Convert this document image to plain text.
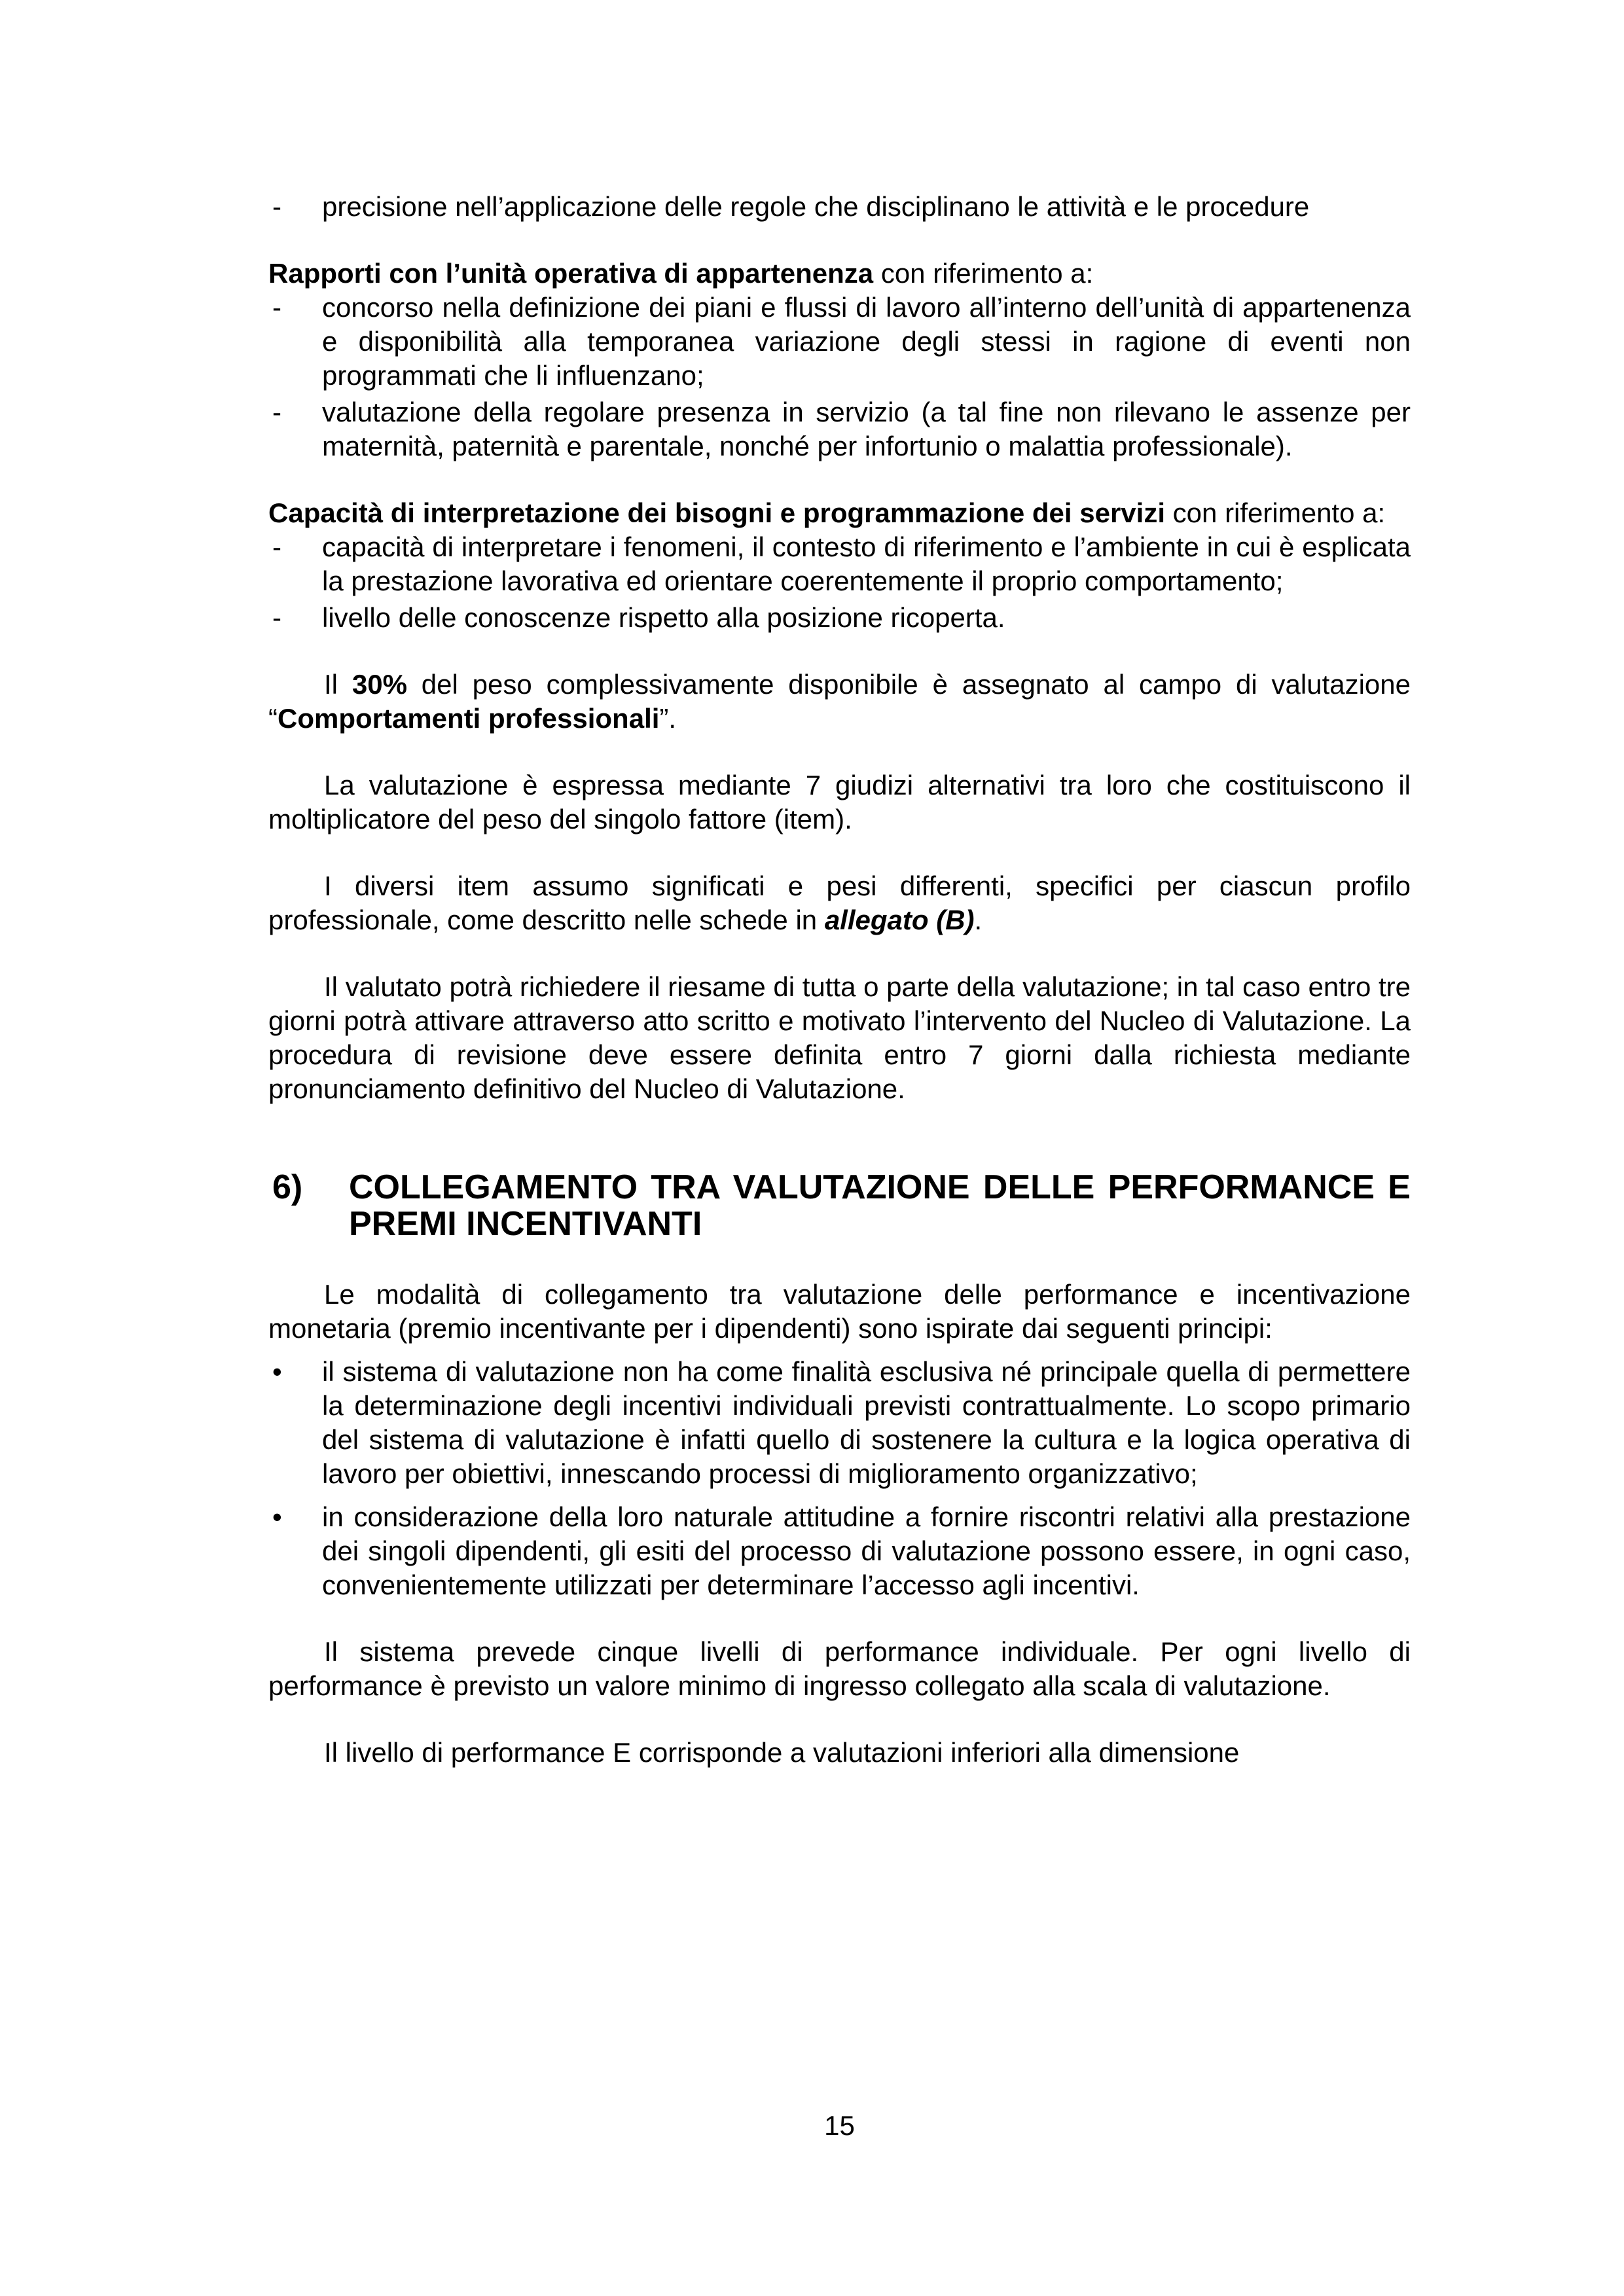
- precisione nell’applicazione delle regole che disciplinano le attività e le procedure

Rapporti con l’unità operativa di appartenenza con riferimento a:

- concorso nella definizione dei piani e flussi di lavoro all’interno dell’unità di appartenenza e disponibilità alla temporanea variazione degli stessi in ragione di eventi non programmati che li influenzano;
- valutazione della regolare presenza in servizio (a tal fine non rilevano le assenze per maternità, paternità e parentale, nonché per infortunio o malattia professionale).

Capacità di interpretazione dei bisogni e programmazione dei servizi con riferimento a:

- capacità di interpretare i fenomeni, il contesto di riferimento e l’ambiente in cui è esplicata la prestazione lavorativa ed orientare coerentemente il proprio comportamento;
- livello delle conoscenze rispetto alla posizione ricoperta.

Il 30% del peso complessivamente disponibile è assegnato al campo di valutazione “Comportamenti professionali”.

La valutazione è espressa mediante 7 giudizi alternativi tra loro che costituiscono il moltiplicatore del peso del singolo fattore (item).

I diversi item assumo significati e pesi differenti, specifici per ciascun profilo professionale, come descritto nelle schede in allegato (B).

Il valutato potrà richiedere il riesame di tutta o parte della valutazione; in tal caso entro tre giorni potrà attivare attraverso atto scritto e motivato l’intervento del Nucleo di Valutazione. La procedura di revisione deve essere definita entro 7 giorni dalla richiesta mediante pronunciamento definitivo del Nucleo di Valutazione.

6) COLLEGAMENTO TRA VALUTAZIONE DELLE PERFORMANCE E PREMI INCENTIVANTI

Le modalità di collegamento tra valutazione delle performance e incentivazione monetaria (premio incentivante per i dipendenti) sono ispirate dai seguenti principi:

• il sistema di valutazione non ha come finalità esclusiva né principale quella di permettere la determinazione degli incentivi individuali previsti contrattualmente. Lo scopo primario del sistema di valutazione è infatti quello di sostenere la cultura e la logica operativa di lavoro per obiettivi, innescando processi di miglioramento organizzativo;
• in considerazione della loro naturale attitudine a fornire riscontri relativi alla prestazione dei singoli dipendenti, gli esiti del processo di valutazione possono essere, in ogni caso, convenientemente utilizzati per determinare l’accesso agli incentivi.

Il sistema prevede cinque livelli di performance individuale. Per ogni livello di performance è previsto un valore minimo di ingresso collegato alla scala di valutazione.

Il livello di performance E corrisponde a valutazioni inferiori alla dimensione

15
